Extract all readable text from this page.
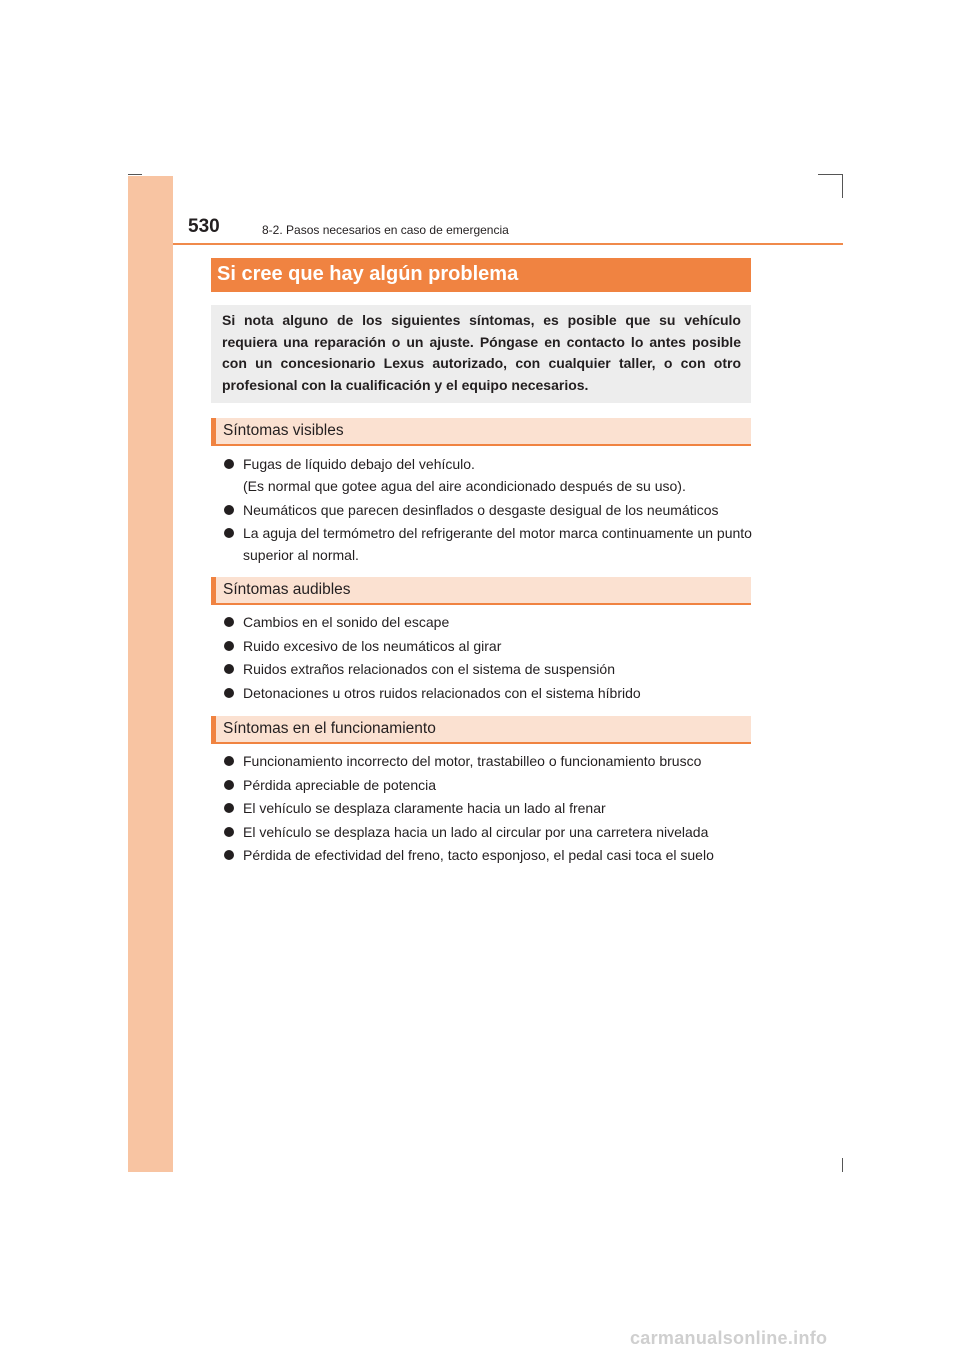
530	8-2. Pasos necesarios en caso de emergencia
Si cree que hay algún problema
Si nota alguno de los siguientes síntomas, es posible que su vehículo requiera una reparación o un ajuste. Póngase en contacto lo antes posible con un concesionario Lexus autorizado, con cualquier taller, o con otro profesional con la cualificación y el equipo necesarios.
Síntomas visibles
Fugas de líquido debajo del vehículo.
(Es normal que gotee agua del aire acondicionado después de su uso).
Neumáticos que parecen desinflados o desgaste desigual de los neumáticos
La aguja del termómetro del refrigerante del motor marca continuamente un punto superior al normal.
Síntomas audibles
Cambios en el sonido del escape
Ruido excesivo de los neumáticos al girar
Ruidos extraños relacionados con el sistema de suspensión
Detonaciones u otros ruidos relacionados con el sistema híbrido
Síntomas en el funcionamiento
Funcionamiento incorrecto del motor, trastabilleo o funcionamiento brusco
Pérdida apreciable de potencia
El vehículo se desplaza claramente hacia un lado al frenar
El vehículo se desplaza hacia un lado al circular por una carretera nivelada
Pérdida de efectividad del freno, tacto esponjoso, el pedal casi toca el suelo
carmanualsonline.info
